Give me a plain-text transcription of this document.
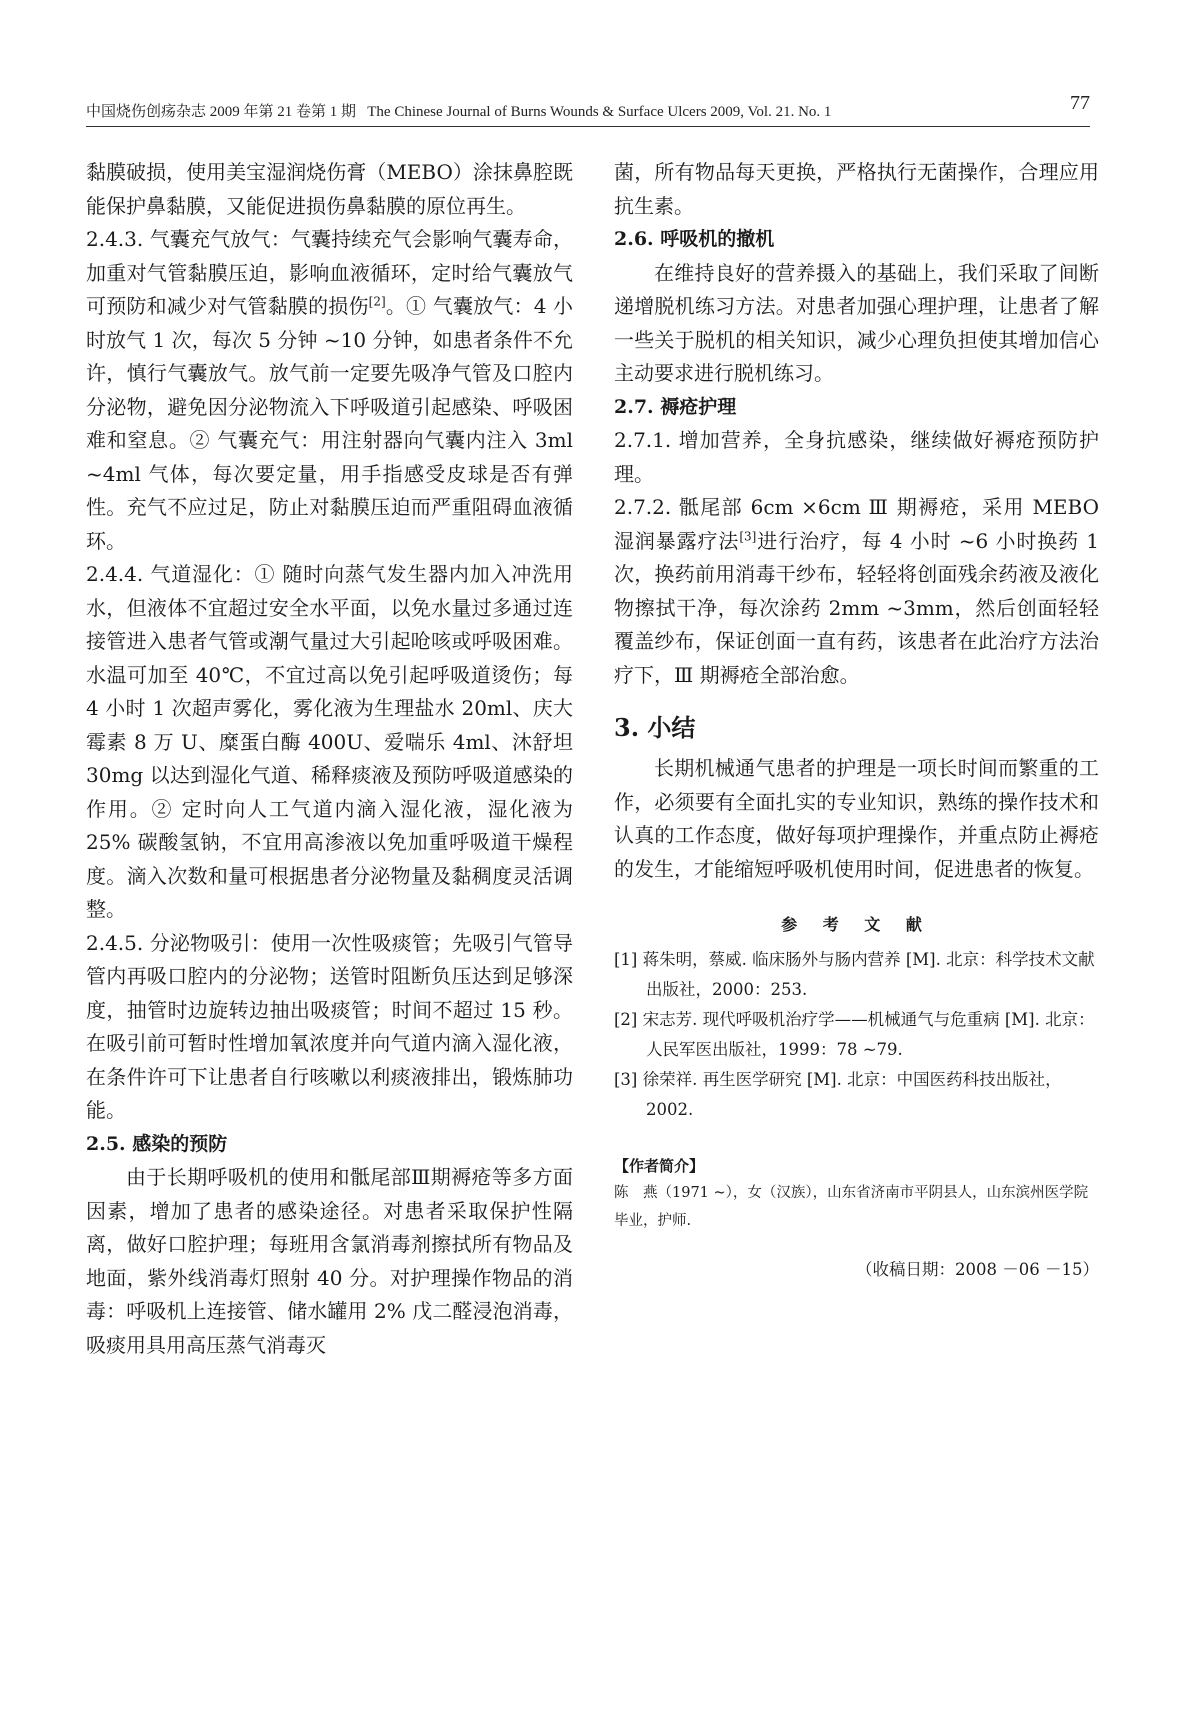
中国烧伤创疡杂志 2009 年第 21 卷第 1 期 The Chinese Journal of Burns Wounds & Surface Ulcers 2009, Vol. 21. No. 1	77

黏膜破损，使用美宝湿润烧伤膏（MEBO）涂抹鼻腔既能保护鼻黏膜，又能促进损伤鼻黏膜的原位再生。

2.4.3. 气囊充气放气：气囊持续充气会影响气囊寿命，加重对气管黏膜压迫，影响血液循环，定时给气囊放气可预防和减少对气管黏膜的损伤[2]。① 气囊放气：4 小时放气 1 次，每次 5 分钟 ~10 分钟，如患者条件不允许，慎行气囊放气。放气前一定要先吸净气管及口腔内分泌物，避免因分泌物流入下呼吸道引起感染、呼吸困难和窒息。② 气囊充气：用注射器向气囊内注入 3ml ~4ml 气体，每次要定量，用手指感受皮球是否有弹性。充气不应过足，防止对黏膜压迫而严重阻碍血液循环。

2.4.4. 气道湿化：① 随时向蒸气发生器内加入冲洗用水，但液体不宜超过安全水平面，以免水量过多通过连接管进入患者气管或潮气量过大引起呛咳或呼吸困难。水温可加至 40℃，不宜过高以免引起呼吸道烫伤；每 4 小时 1 次超声雾化，雾化液为生理盐水 20ml、庆大霉素 8 万 U、糜蛋白酶 400U、爱喘乐 4ml、沐舒坦 30mg 以达到湿化气道、稀释痰液及预防呼吸道感染的作用。② 定时向人工气道内滴入湿化液，湿化液为 25% 碳酸氢钠，不宜用高渗液以免加重呼吸道干燥程度。滴入次数和量可根据患者分泌物量及黏稠度灵活调整。

2.4.5. 分泌物吸引：使用一次性吸痰管；先吸引气管导管内再吸口腔内的分泌物；送管时阻断负压达到足够深度，抽管时边旋转边抽出吸痰管；时间不超过 15 秒。在吸引前可暂时性增加氧浓度并向气道内滴入湿化液，在条件许可下让患者自行咳嗽以利痰液排出，锻炼肺功能。

2.5. 感染的预防

由于长期呼吸机的使用和骶尾部Ⅲ期褥疮等多方面因素，增加了患者的感染途径。对患者采取保护性隔离，做好口腔护理；每班用含氯消毒剂擦拭所有物品及地面，紫外线消毒灯照射 40 分。对护理操作物品的消毒：呼吸机上连接管、储水罐用 2% 戊二醛浸泡消毒，吸痰用具用高压蒸气消毒灭

菌，所有物品每天更换，严格执行无菌操作，合理应用抗生素。

2.6. 呼吸机的撤机

在维持良好的营养摄入的基础上，我们采取了间断递增脱机练习方法。对患者加强心理护理，让患者了解一些关于脱机的相关知识，减少心理负担使其增加信心主动要求进行脱机练习。

2.7. 褥疮护理

2.7.1. 增加营养，全身抗感染，继续做好褥疮预防护理。

2.7.2. 骶尾部 6cm ×6cm Ⅲ 期褥疮，采用 MEBO 湿润暴露疗法[3]进行治疗，每 4 小时 ~6 小时换药 1 次，换药前用消毒干纱布，轻轻将创面残余药液及液化物擦拭干净，每次涂药 2mm ~3mm，然后创面轻轻覆盖纱布，保证创面一直有药，该患者在此治疗方法治疗下，Ⅲ 期褥疮全部治愈。

3. 小结

长期机械通气患者的护理是一项长时间而繁重的工作，必须要有全面扎实的专业知识，熟练的操作技术和认真的工作态度，做好每项护理操作，并重点防止褥疮的发生，才能缩短呼吸机使用时间，促进患者的恢复。

参 考 文 献

[1] 蒋朱明，蔡威. 临床肠外与肠内营养 [M]. 北京：科学技术文献出版社，2000：253.

[2] 宋志芳. 现代呼吸机治疗学——机械通气与危重病 [M]. 北京：人民军医出版社，1999：78 ~79.

[3] 徐荣祥. 再生医学研究 [M]. 北京：中国医药科技出版社，2002.

【作者简介】

陈　燕（1971 ~），女（汉族），山东省济南市平阴县人，山东滨州医学院毕业，护师.

（收稿日期：2008 －06 －15）
